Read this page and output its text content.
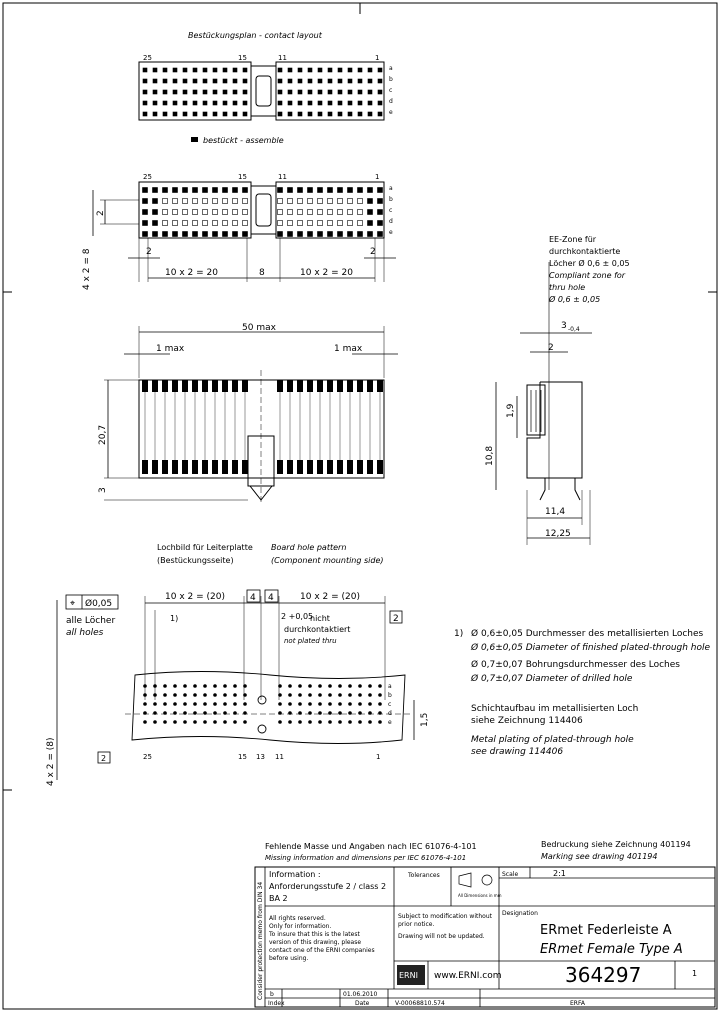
Bestückungsplan - contact layout
25	15	11	1
a
b
c
d
e
bestückt - assemble
25	15	11	1
a
b
c
d
e
2
4 x 2 = 8	2	2
10 x 2 = 20	8	10 x 2 = 20
EE-Zone für
durchkontaktierte
Löcher Ø 0,6 ± 0,05
Compliant zone for
thru hole
Ø 0,6 ± 0,05
50 max
1 max	1 max
20,7
3
3 -0,4
2
1,9
10,8
11,4
12,25
Lochbild für Leiterplatte
(Bestückungsseite)
Board hole pattern
(Component mounting side)
⌖ Ø0,05
alle Löcher
all holes
10 x 2 = (20)	4 4	10 x 2 = (20)
2
1)	2 +0,05
nicht
durchkontaktiert
not plated thru
a
b
c
d
e
25	15 13 11	1
1,5
2
4 x 2 = (8)
1) Ø 0,6±0,05 Durchmesser des metallisierten Loches
Ø 0,6±0,05 Diameter of finished plated-through hole
Ø 0,7±0,07 Bohrungsdurchmesser des Loches
Ø 0,7±0,07 Diameter of drilled hole
Schichtaufbau im metallisierten Loch
siehe Zeichnung 114406
Metal plating of plated-through hole
see drawing 114406
Fehlende Masse und Angaben nach IEC 61076-4-101
Missing information and dimensions per IEC 61076-4-101
Bedruckung siehe Zeichnung 401194
Marking see drawing 401194
Consider protection memo from DIN 34
Information :
Anforderungsstufe 2 / class 2
BA 2
Tolerances
All Dimensions in mm
Scale	2:1
All rights reserved.
Only for information.
To insure that this is the latest
version of this drawing, please
contact one of the ERNI companies
before using.
Subject to modification without
prior notice.
Drawing will not be updated.
Designation
ERmet Federleiste A
ERmet Female Type A
ERNI www.ERNI.com	364297	1
b	01.06.2010
Index	Date	V-00068810.574	ERFA
